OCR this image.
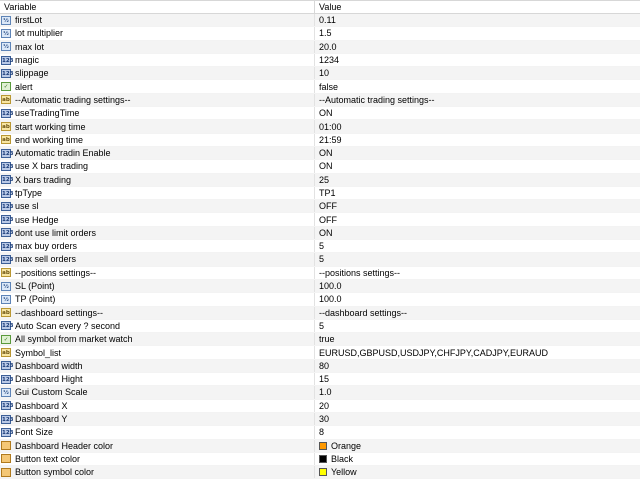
Variable	Value
½ firstLot	0.11
½ lot multiplier	1.5
½ max lot	20.0
123 magic	1234
123 slippage	10
✓ alert	false
ab --Automatic trading settings--	--Automatic trading settings--
123 useTradingTime	ON
ab start working time	01:00
ab end working time	21:59
123 Automatic tradin Enable	ON
123 use X bars trading	ON
123 X bars trading	25
123 tpType	TP1
123 use sl	OFF
123 use Hedge	OFF
123 dont use limit orders	ON
123 max buy orders	5
123 max sell orders	5
ab --positions settings--	--positions settings--
½ SL (Point)	100.0
½ TP (Point)	100.0
ab --dashboard settings--	--dashboard settings--
123 Auto Scan every ? second	5
✓ All symbol from market watch	true
ab Symbol_list	EURUSD,GBPUSD,USDJPY,CHFJPY,CADJPY,EURAUD
123 Dashboard width	80
123 Dashboard Hight	15
½ Gui Custom Scale	1.0
123 Dashboard X	20
123 Dashboard Y	30
123 Font Size	8
Dashboard Header color	Orange
Button text color	Black
Button symbol color	Yellow
